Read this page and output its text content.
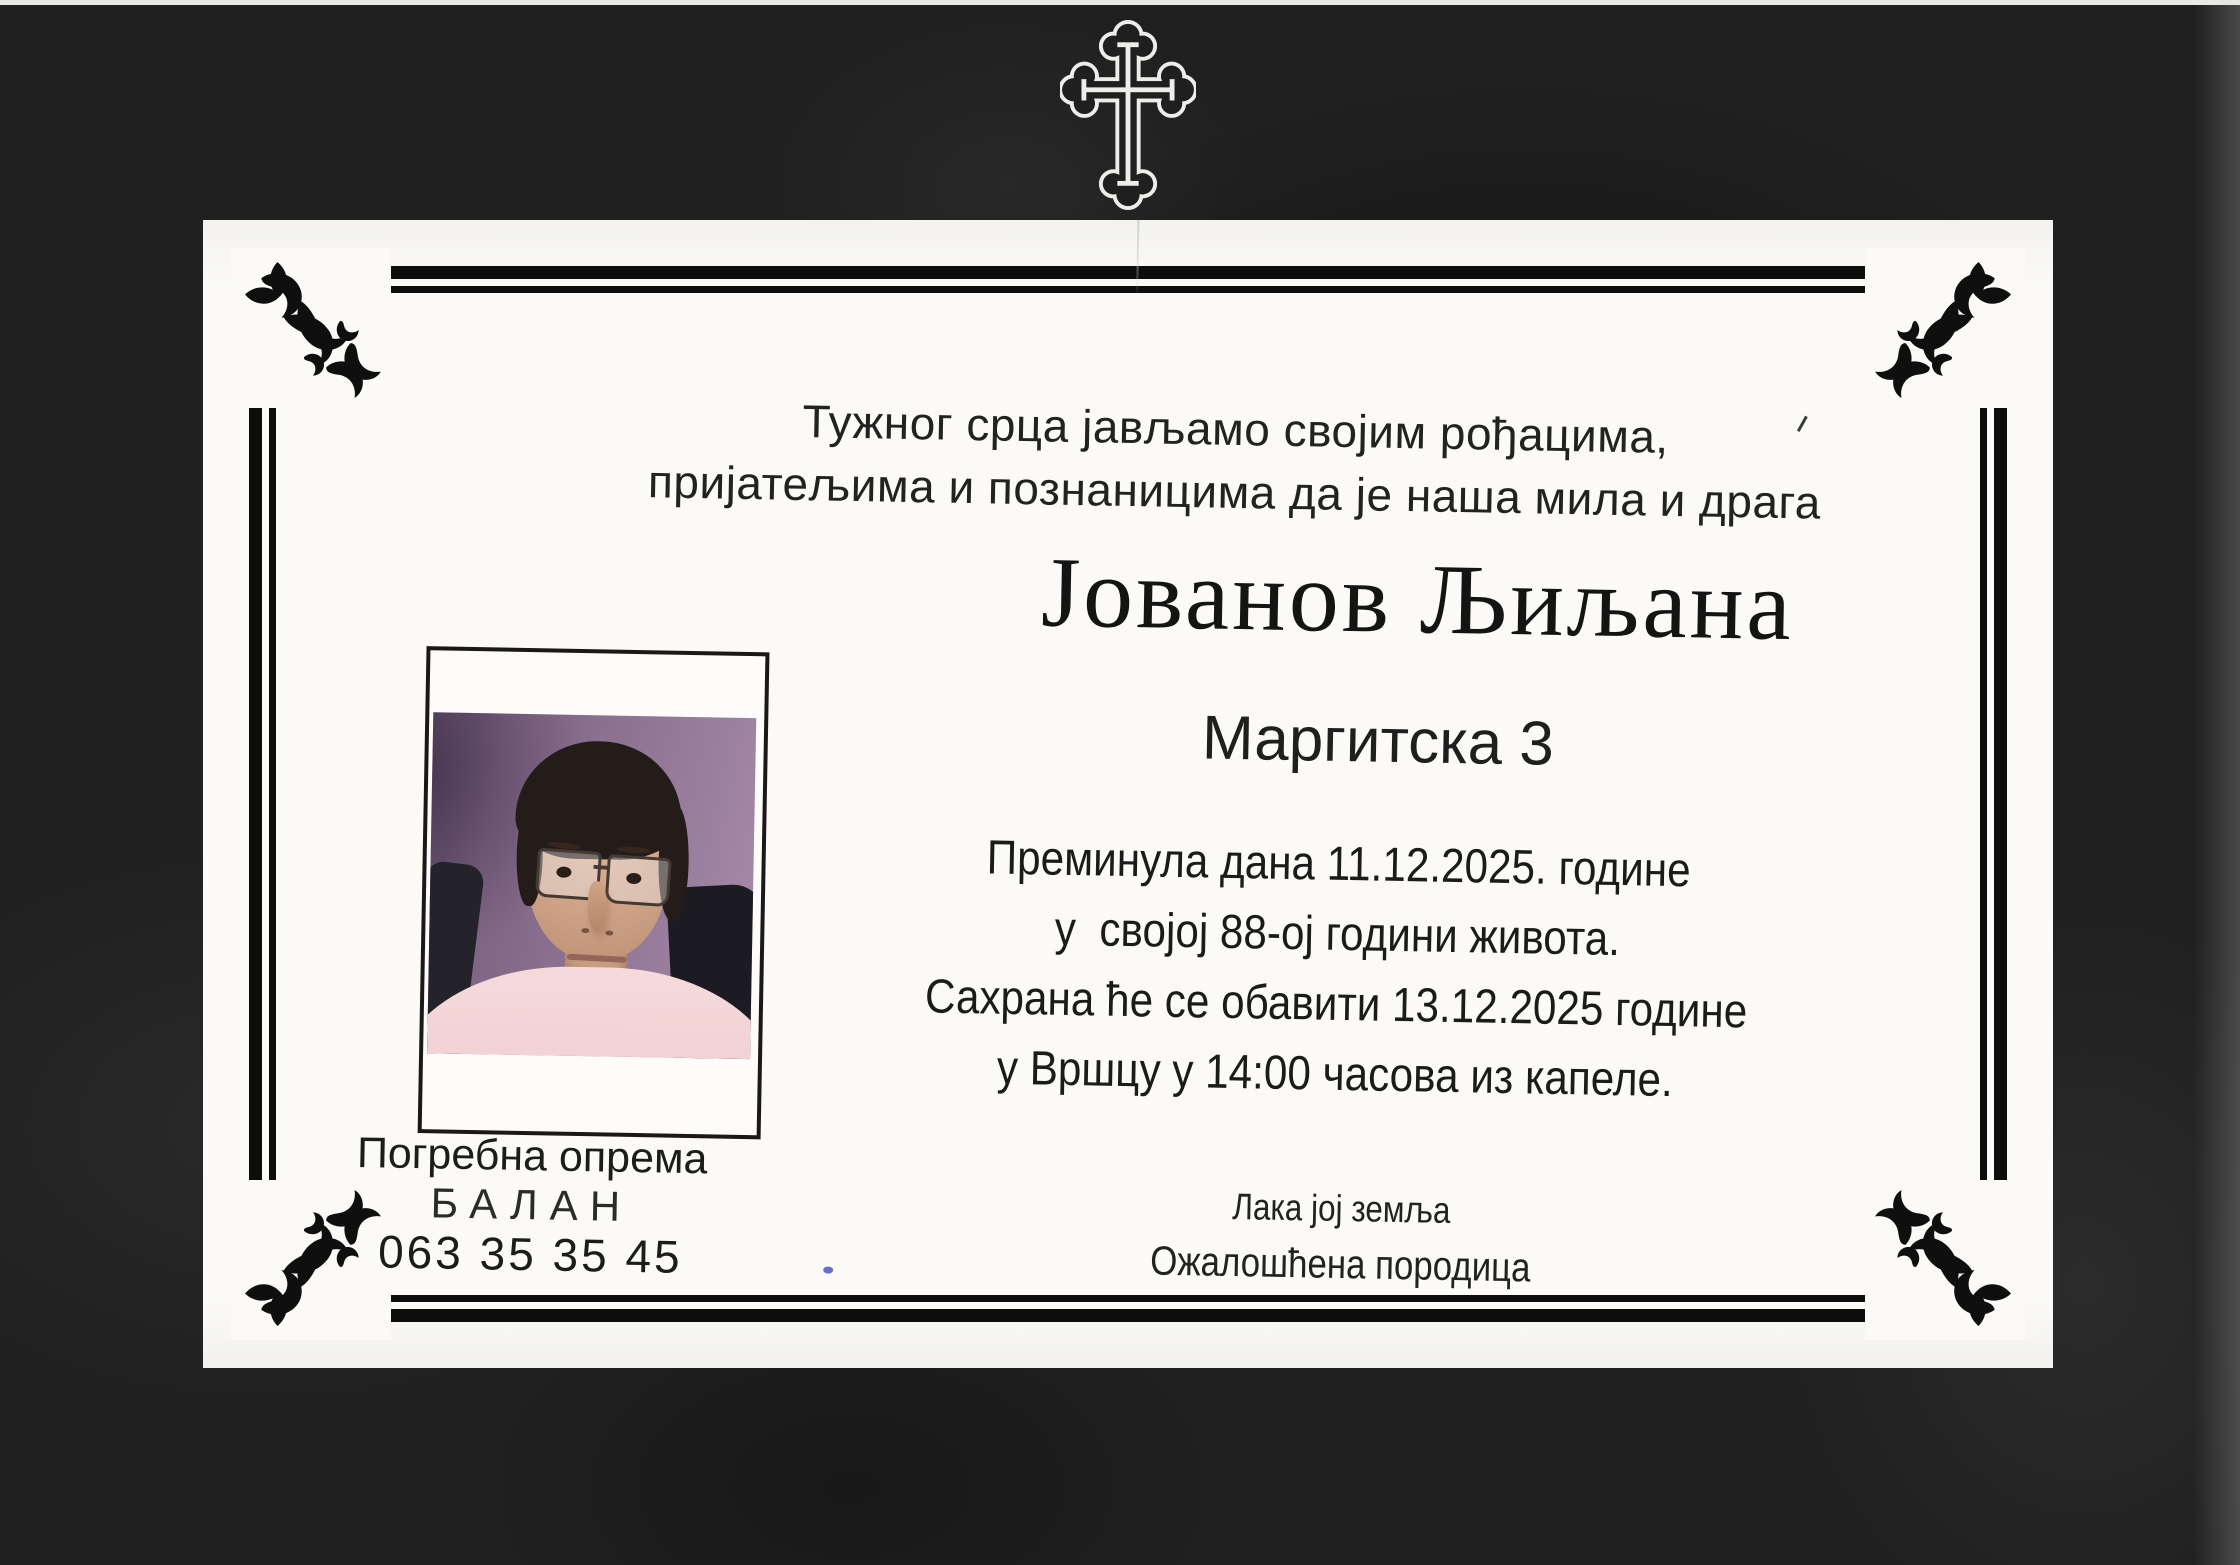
Тужног срца јављамо својим рођацима,
пријатељима и познаницима да је наша мила и драга
Јованов Љиљана
Маргитска 3
Преминула дана 11.12.2025. године
у  својој 88-ој години живота.
Сахрана ће се обавити 13.12.2025 године
у Вршцу у 14:00 часова из капеле.
Погребна опрема
БАЛАН
063 35 35 45
Лака јој земља
Ожалошћена породица
